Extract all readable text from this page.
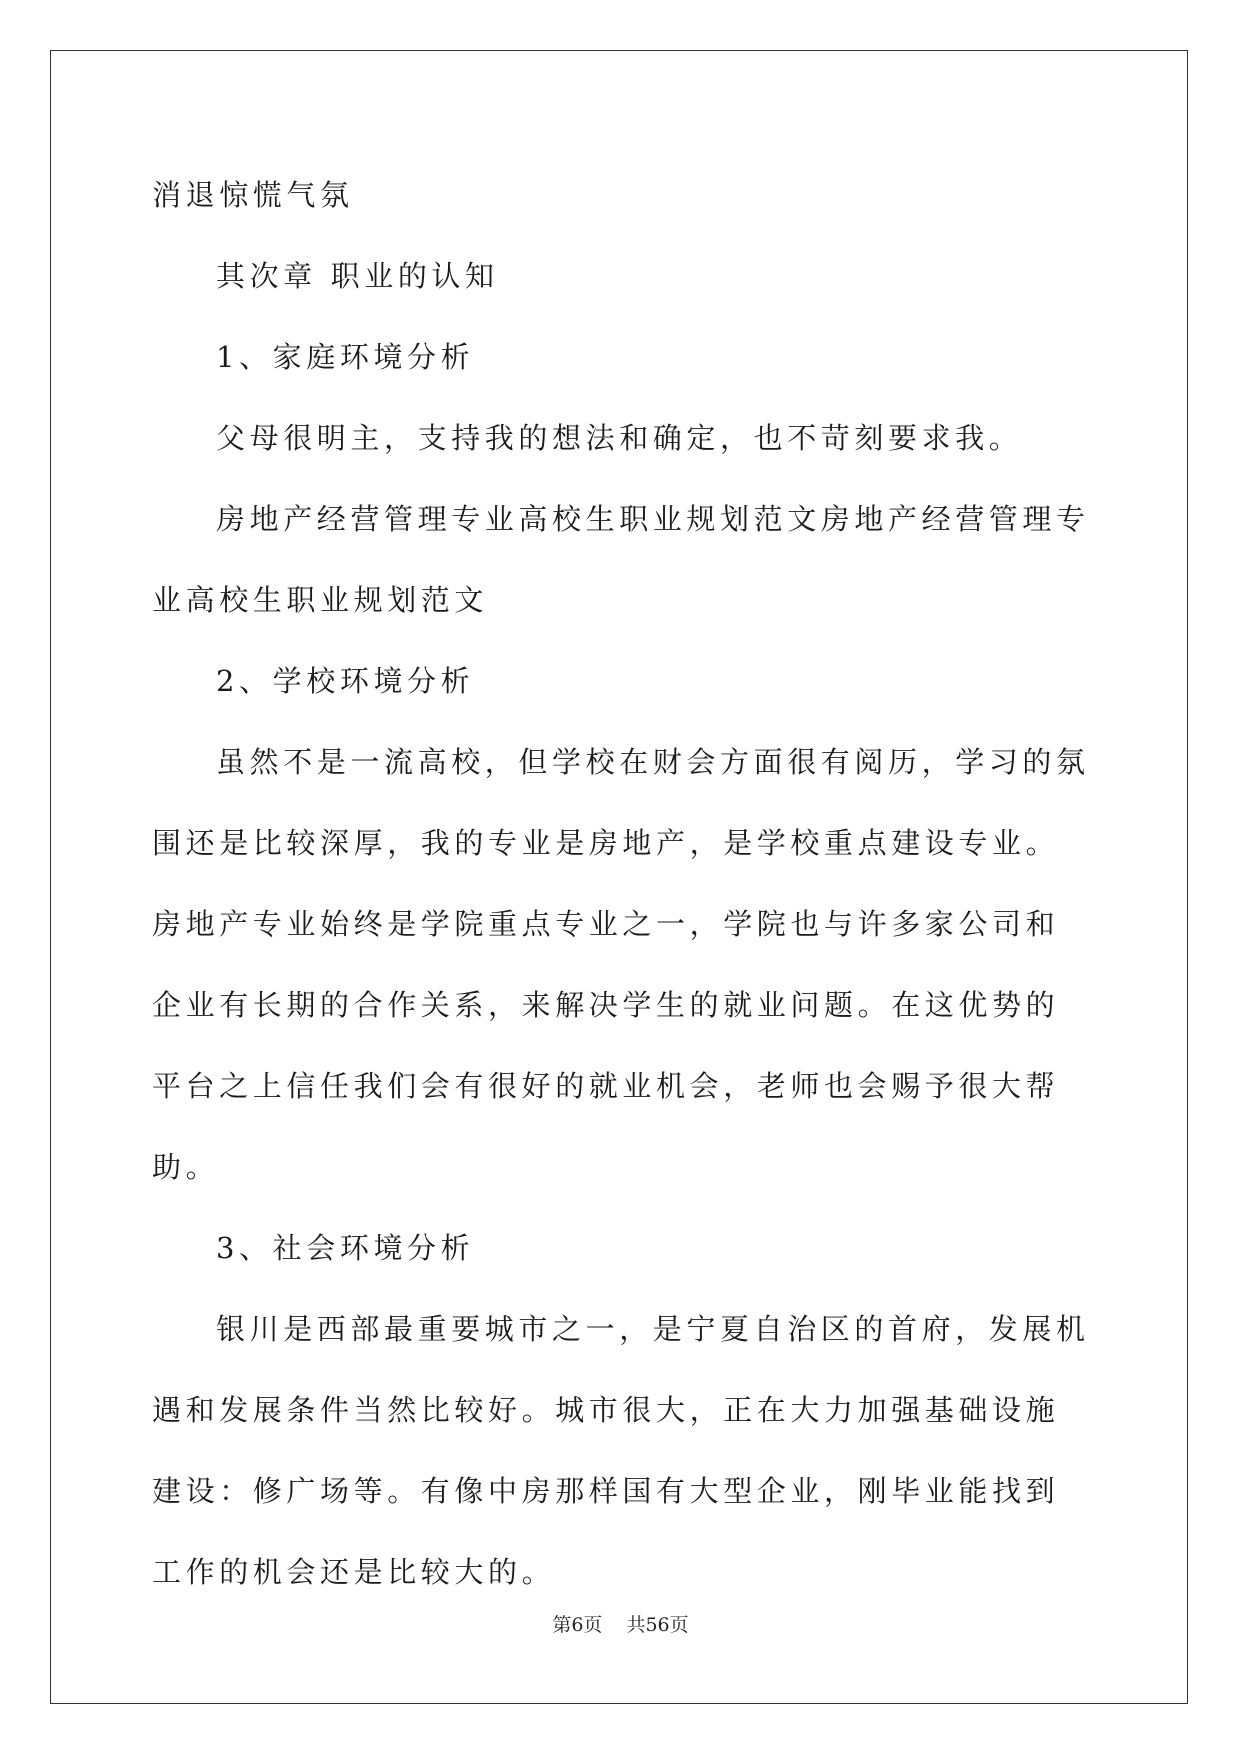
消退惊慌气氛

其次章 职业的认知

1、家庭环境分析

父母很明主，支持我的想法和确定，也不苛刻要求我。

房地产经营管理专业高校生职业规划范文房地产经营管理专业高校生职业规划范文

2、学校环境分析

虽然不是一流高校，但学校在财会方面很有阅历，学习的氛围还是比较深厚，我的专业是房地产，是学校重点建设专业。房地产专业始终是学院重点专业之一，学院也与许多家公司和企业有长期的合作关系，来解决学生的就业问题。在这优势的平台之上信任我们会有很好的就业机会，老师也会赐予很大帮助。

3、社会环境分析

银川是西部最重要城市之一，是宁夏自治区的首府，发展机遇和发展条件当然比较好。城市很大，正在大力加强基础设施建设：修广场等。有像中房那样国有大型企业，刚毕业能找到工作的机会还是比较大的。

第6页 共56页
